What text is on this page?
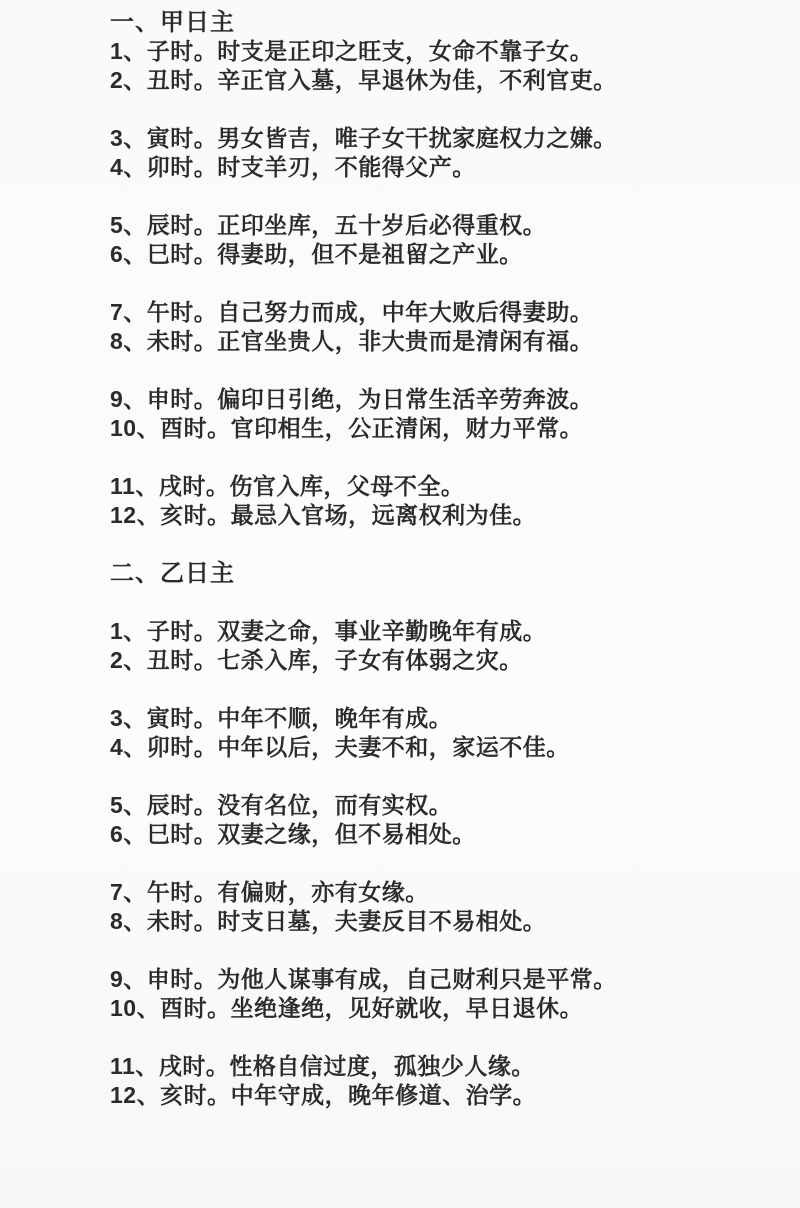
一、甲日主

1、子时。时支是正印之旺支，女命不靠子女。

2、丑时。辛正官入墓，早退休为佳，不利官吏。

3、寅时。男女皆吉，唯子女干扰家庭权力之嫌。

4、卯时。时支羊刃，不能得父产。

5、辰时。正印坐库，五十岁后必得重权。

6、巳时。得妻助，但不是祖留之产业。

7、午时。自己努力而成，中年大败后得妻助。

8、未时。正官坐贵人，非大贵而是清闲有福。

9、申时。偏印日引绝，为日常生活辛劳奔波。

10、酉时。官印相生，公正清闲，财力平常。

11、戌时。伤官入库，父母不全。

12、亥时。最忌入官场，远离权利为佳。

二、乙日主

1、子时。双妻之命，事业辛勤晚年有成。

2、丑时。七杀入库，子女有体弱之灾。

3、寅时。中年不顺，晚年有成。

4、卯时。中年以后，夫妻不和，家运不佳。

5、辰时。没有名位，而有实权。

6、巳时。双妻之缘，但不易相处。

7、午时。有偏财，亦有女缘。

8、未时。时支日墓，夫妻反目不易相处。

9、申时。为他人谋事有成，自己财利只是平常。

10、酉时。坐绝逢绝，见好就收，早日退休。

11、戌时。性格自信过度，孤独少人缘。

12、亥时。中年守成，晚年修道、治学。
